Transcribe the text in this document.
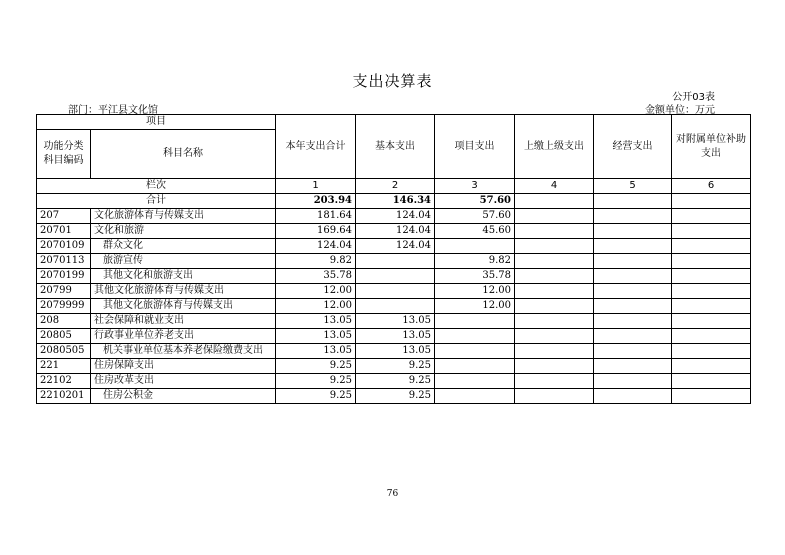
支出决算表
公开03表
部门：平江县文化馆	金额单位：万元
项目		本年支出合计	基本支出	项目支出	上缴上级支出	经营支出	对附属单位补助支出
功能分类科目编码	科目名称						

栏次		1	2	3	4	5	6
合计		203.94	146.34	57.60			
207	文化旅游体育与传媒支出	181.64	124.04	57.60			
20701	文化和旅游	169.64	124.04	45.60			
2070109	群众文化	124.04	124.04				
2070113	旅游宣传	9.82		9.82			
2070199	其他文化和旅游支出	35.78		35.78			
20799	其他文化旅游体育与传媒支出	12.00		12.00			
2079999	其他文化旅游体育与传媒支出	12.00		12.00			
208	社会保障和就业支出	13.05	13.05				
20805	行政事业单位养老支出	13.05	13.05				
2080505	机关事业单位基本养老保险缴费支出	13.05	13.05				
221	住房保障支出	9.25	9.25				
22102	住房改革支出	9.25	9.25				
2210201	住房公积金	9.25	9.25				
76
